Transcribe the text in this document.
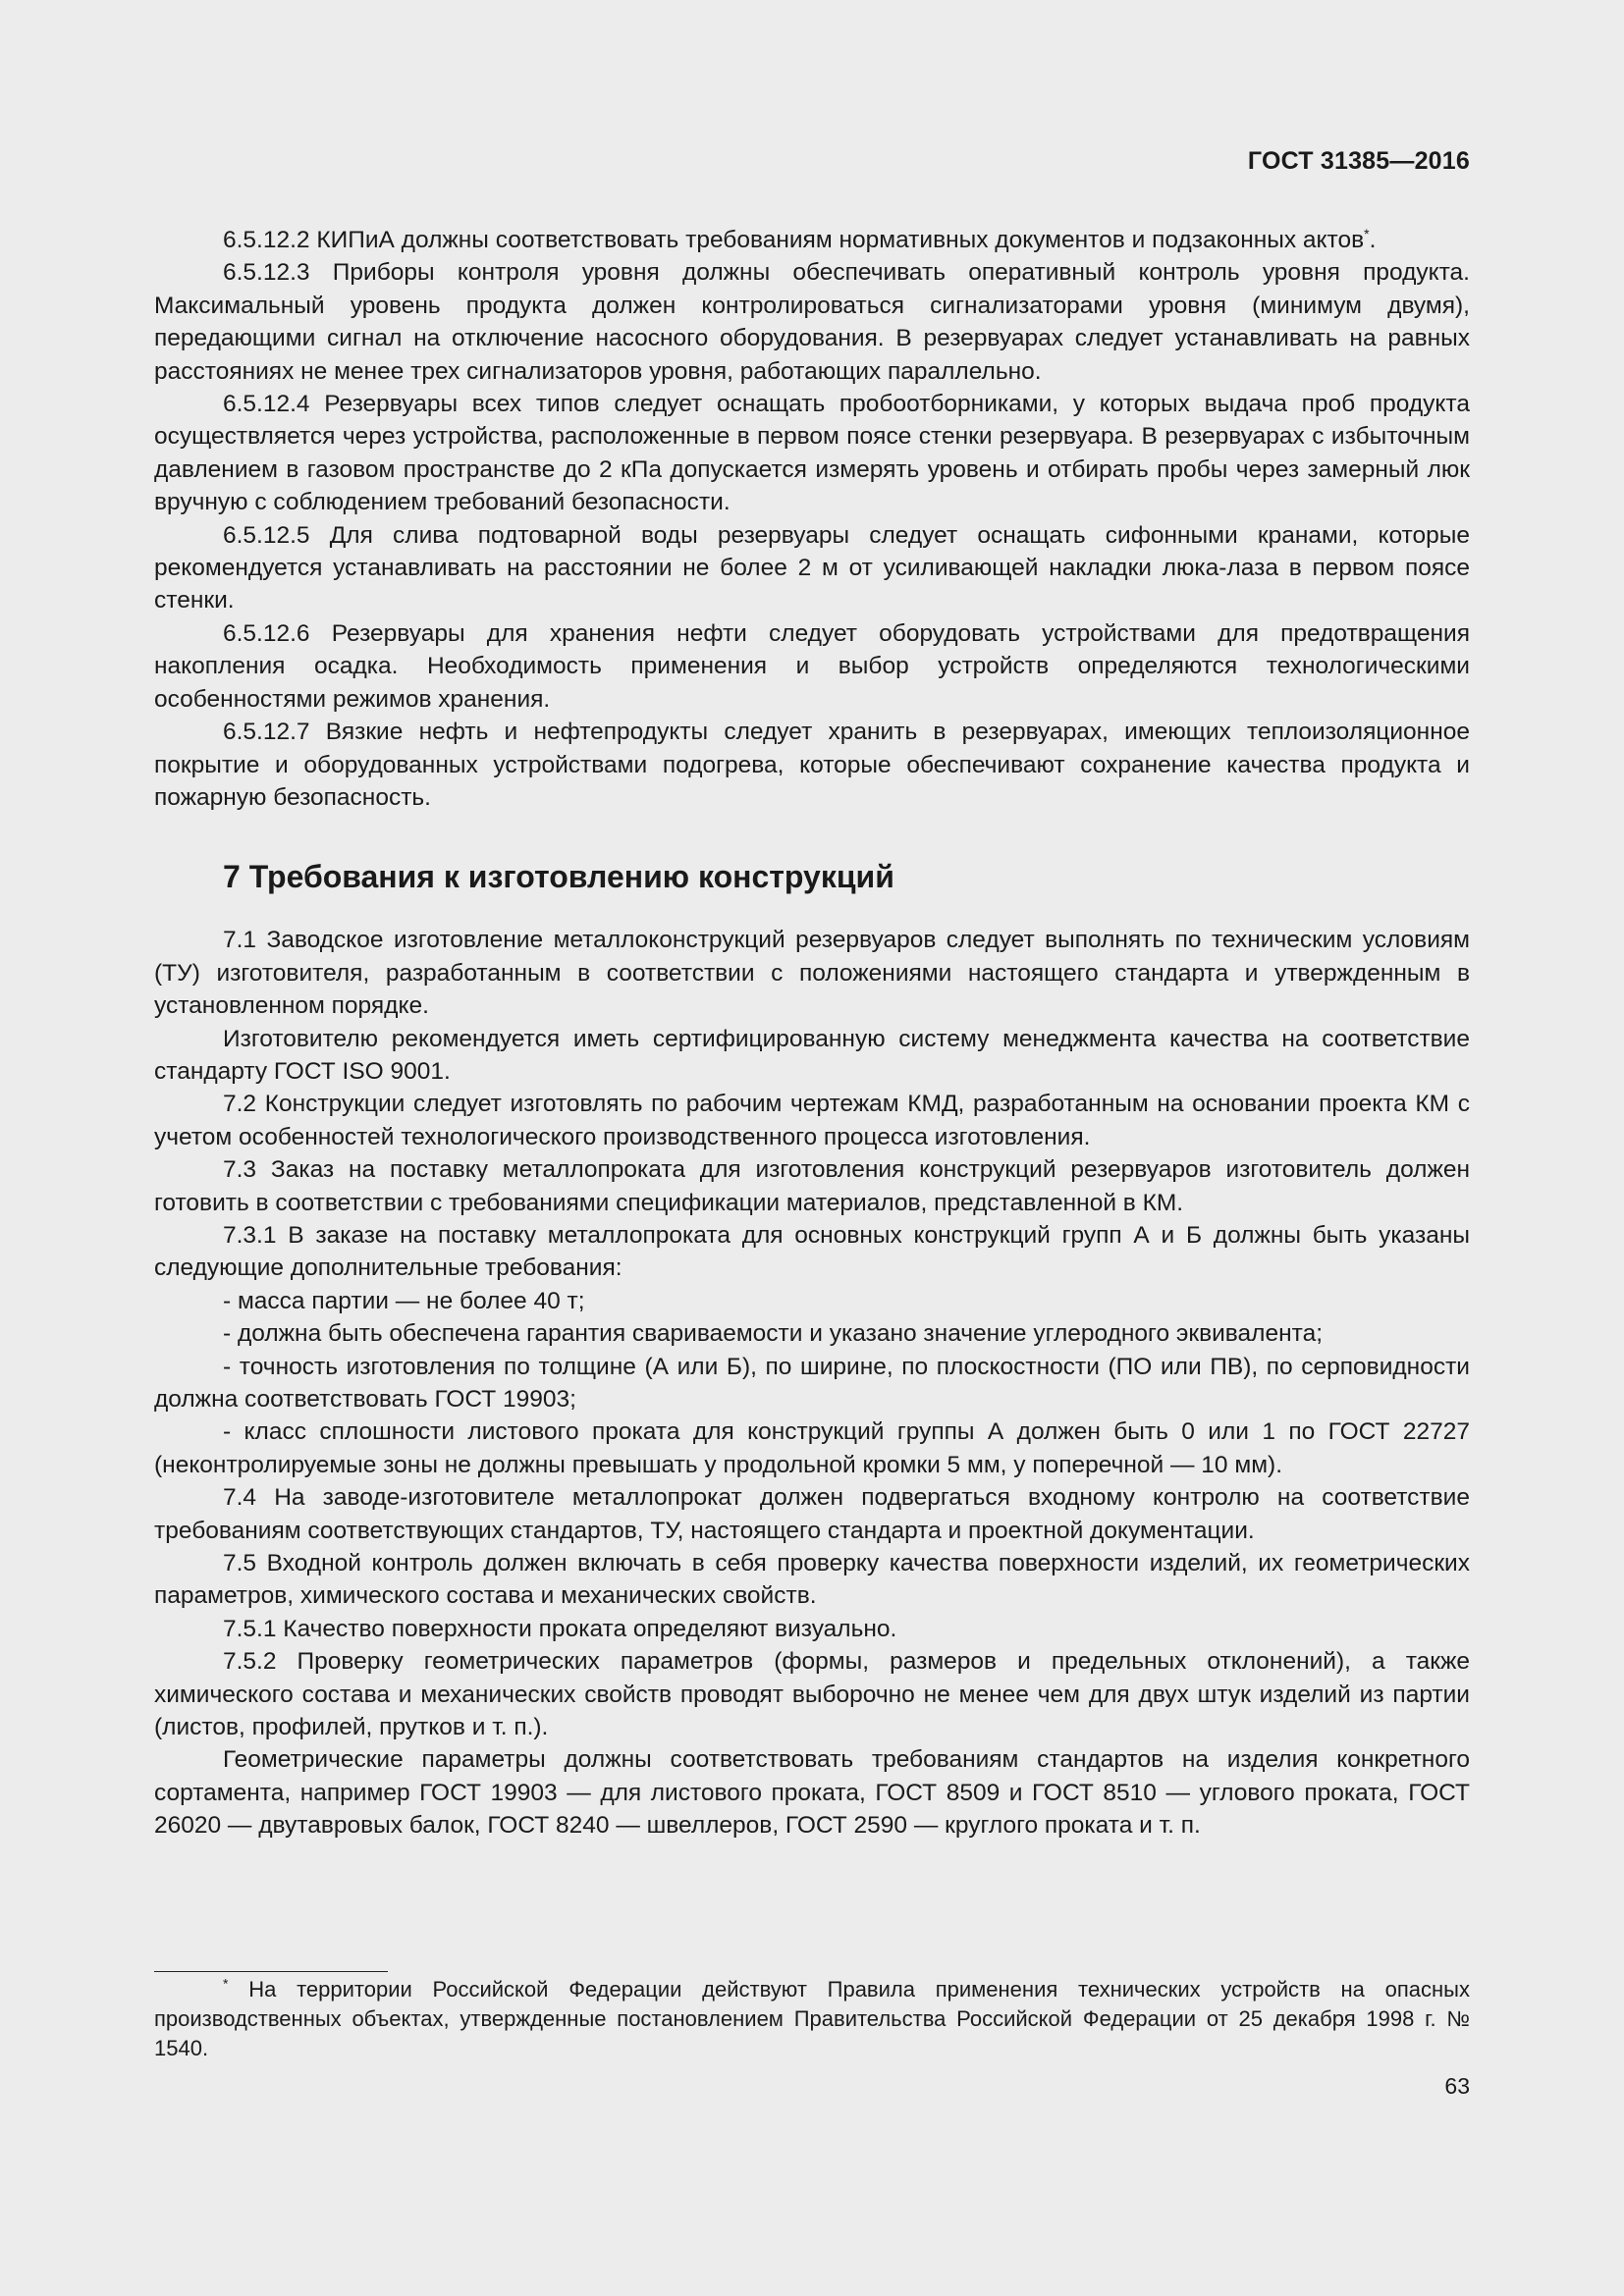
ГОСТ 31385—2016

6.5.12.2 КИПиА должны соответствовать требованиям нормативных документов и подзаконных актов*.

6.5.12.3 Приборы контроля уровня должны обеспечивать оперативный контроль уровня продукта. Максимальный уровень продукта должен контролироваться сигнализаторами уровня (минимум двумя), передающими сигнал на отключение насосного оборудования. В резервуарах следует устанавливать на равных расстояниях не менее трех сигнализаторов уровня, работающих параллельно.

6.5.12.4 Резервуары всех типов следует оснащать пробоотборниками, у которых выдача проб продукта осуществляется через устройства, расположенные в первом поясе стенки резервуара. В резервуарах с избыточным давлением в газовом пространстве до 2 кПа допускается измерять уровень и отбирать пробы через замерный люк вручную с соблюдением требований безопасности.

6.5.12.5 Для слива подтоварной воды резервуары следует оснащать сифонными кранами, которые рекомендуется устанавливать на расстоянии не более 2 м от усиливающей накладки люка-лаза в первом поясе стенки.

6.5.12.6 Резервуары для хранения нефти следует оборудовать устройствами для предотвращения накопления осадка. Необходимость применения и выбор устройств определяются технологическими особенностями режимов хранения.

6.5.12.7 Вязкие нефть и нефтепродукты следует хранить в резервуарах, имеющих теплоизоляционное покрытие и оборудованных устройствами подогрева, которые обеспечивают сохранение качества продукта и пожарную безопасность.

7 Требования к изготовлению конструкций

7.1 Заводское изготовление металлоконструкций резервуаров следует выполнять по техническим условиям (ТУ) изготовителя, разработанным в соответствии с положениями настоящего стандарта и утвержденным в установленном порядке.

Изготовителю рекомендуется иметь сертифицированную систему менеджмента качества на соответствие стандарту ГОСТ ISO 9001.

7.2 Конструкции следует изготовлять по рабочим чертежам КМД, разработанным на основании проекта КМ с учетом особенностей технологического производственного процесса изготовления.

7.3 Заказ на поставку металлопроката для изготовления конструкций резервуаров изготовитель должен готовить в соответствии с требованиями спецификации материалов, представленной в КМ.

7.3.1 В заказе на поставку металлопроката для основных конструкций групп А и Б должны быть указаны следующие дополнительные требования:

- масса партии — не более 40 т;

- должна быть обеспечена гарантия свариваемости и указано значение углеродного эквивалента;

- точность изготовления по толщине (А или Б), по ширине, по плоскостности (ПО или ПВ), по серповидности должна соответствовать ГОСТ 19903;

- класс сплошности листового проката для конструкций группы А должен быть 0 или 1 по ГОСТ 22727 (неконтролируемые зоны не должны превышать у продольной кромки 5 мм, у поперечной — 10 мм).

7.4 На заводе-изготовителе металлопрокат должен подвергаться входному контролю на соответствие требованиям соответствующих стандартов, ТУ, настоящего стандарта и проектной документации.

7.5 Входной контроль должен включать в себя проверку качества поверхности изделий, их геометрических параметров, химического состава и механических свойств.

7.5.1 Качество поверхности проката определяют визуально.

7.5.2 Проверку геометрических параметров (формы, размеров и предельных отклонений), а также химического состава и механических свойств проводят выборочно не менее чем для двух штук изделий из партии (листов, профилей, прутков и т. п.).

Геометрические параметры должны соответствовать требованиям стандартов на изделия конкретного сортамента, например ГОСТ 19903 — для листового проката, ГОСТ 8509 и ГОСТ 8510 — углового проката, ГОСТ 26020 — двутавровых балок, ГОСТ 8240 — швеллеров, ГОСТ 2590 — круглого проката и т. п.

* На территории Российской Федерации действуют Правила применения технических устройств на опасных производственных объектах, утвержденные постановлением Правительства Российской Федерации от 25 декабря 1998 г. № 1540.

63
